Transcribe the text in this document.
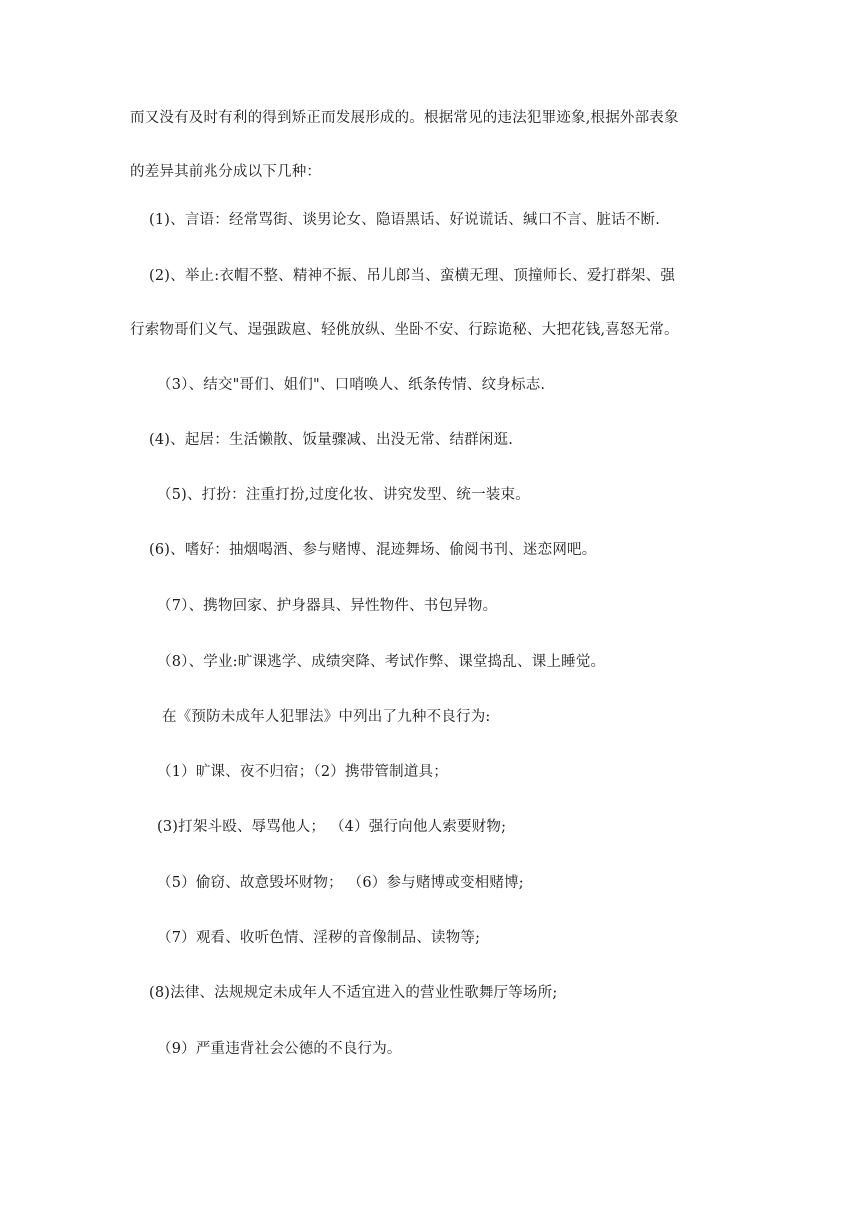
而又没有及时有利的得到矫正而发展形成的。根据常见的违法犯罪迹象,根据外部表象
的差异其前兆分成以下几种：
(1)、言语：经常骂街、谈男论女、隐语黑话、好说谎话、缄口不言、脏话不断.
(2)、举止:衣帽不整、精神不振、吊儿郎当、蛮横无理、顶撞师长、爱打群架、强
行索物哥们义气、逞强跋扈、轻佻放纵、坐卧不安、行踪诡秘、大把花钱,喜怒无常。
（3）、结交"哥们、姐们"、口哨唤人、纸条传情、纹身标志.
(4)、起居：生活懒散、饭量骤减、出没无常、结群闲逛.
（5)、打扮：注重打扮,过度化妆、讲究发型、统一装束。
(6)、嗜好：抽烟喝酒、参与赌博、混迹舞场、偷阅书刊、迷恋网吧。
（7）、携物回家、护身器具、异性物件、书包异物。
（8）、学业:旷课逃学、成绩突降、考试作弊、课堂捣乱、课上睡觉。
在《预防未成年人犯罪法》中列出了九种不良行为:
（1）旷课、夜不归宿；（2）携带管制道具；
(3)打架斗殴、辱骂他人； （4）强行向他人索要财物;
（5）偷窃、故意毁坏财物； （6）参与赌博或变相赌博;
（7）观看、收听色情、淫秽的音像制品、读物等;
(8)法律、法规规定未成年人不适宜进入的营业性歌舞厅等场所;
（9）严重违背社会公德的不良行为。
